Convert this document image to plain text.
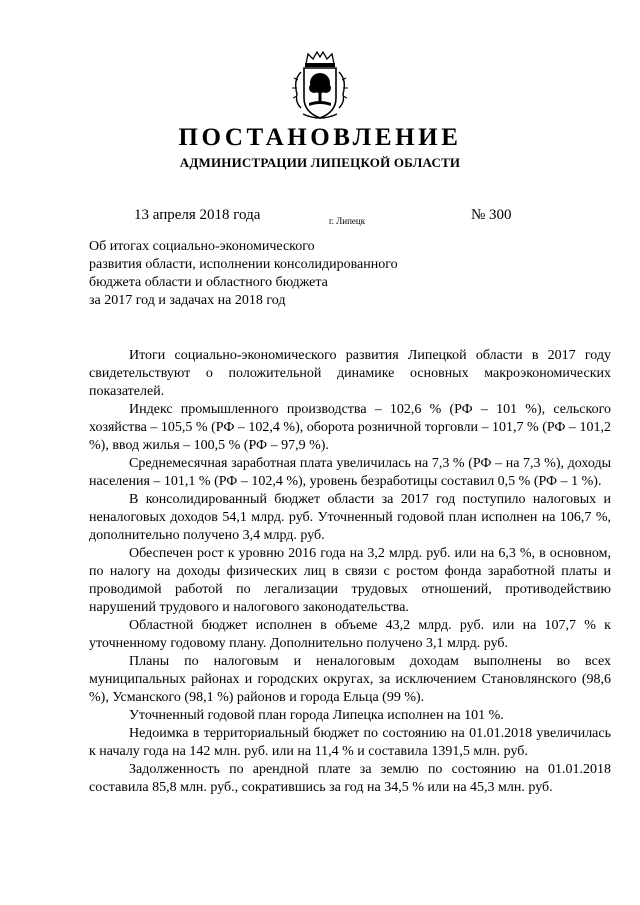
ПОСТАНОВЛЕНИЕ
АДМИНИСТРАЦИИ ЛИПЕЦКОЙ ОБЛАСТИ
13 апреля 2018 года	г. Липецк	№ 300
Об итогах социально-экономического
развития области, исполнении консолидированного
бюджета области и областного бюджета
за 2017 год и задачах на 2018 год

Итоги социально-экономического развития Липецкой области в 2017 году свидетельствуют о положительной динамике основных макроэкономических показателей.

Индекс промышленного производства – 102,6 % (РФ – 101 %), сельского хозяйства – 105,5 % (РФ – 102,4 %), оборота розничной торговли – 101,7 % (РФ – 101,2 %), ввод жилья – 100,5 % (РФ – 97,9 %).

Среднемесячная заработная плата увеличилась на 7,3 % (РФ – на 7,3 %), доходы населения – 101,1 % (РФ – 102,4 %), уровень безработицы составил 0,5 % (РФ – 1 %).

В консолидированный бюджет области за 2017 год поступило налоговых и неналоговых доходов 54,1 млрд. руб. Уточненный годовой план исполнен на 106,7 %, дополнительно получено 3,4 млрд. руб.

Обеспечен рост к уровню 2016 года на 3,2 млрд. руб. или на 6,3 %, в основном, по налогу на доходы физических лиц в связи с ростом фонда заработной платы и проводимой работой по легализации трудовых отношений, противодействию нарушений трудового и налогового законодательства.

Областной бюджет исполнен в объеме 43,2 млрд. руб. или на 107,7 % к уточненному годовому плану. Дополнительно получено 3,1 млрд. руб.

Планы по налоговым и неналоговым доходам выполнены во всех муниципальных районах и городских округах, за исключением Становлянского (98,6 %), Усманского (98,1 %) районов и города Ельца (99 %).

Уточненный годовой план города Липецка исполнен на 101 %.

Недоимка в территориальный бюджет по состоянию на 01.01.2018 увеличилась к началу года на 142 млн. руб. или на 11,4 % и составила 1391,5 млн. руб.

Задолженность по арендной плате за землю по состоянию на 01.01.2018 составила 85,8 млн. руб., сократившись за год на 34,5 % или на 45,3 млн. руб.
